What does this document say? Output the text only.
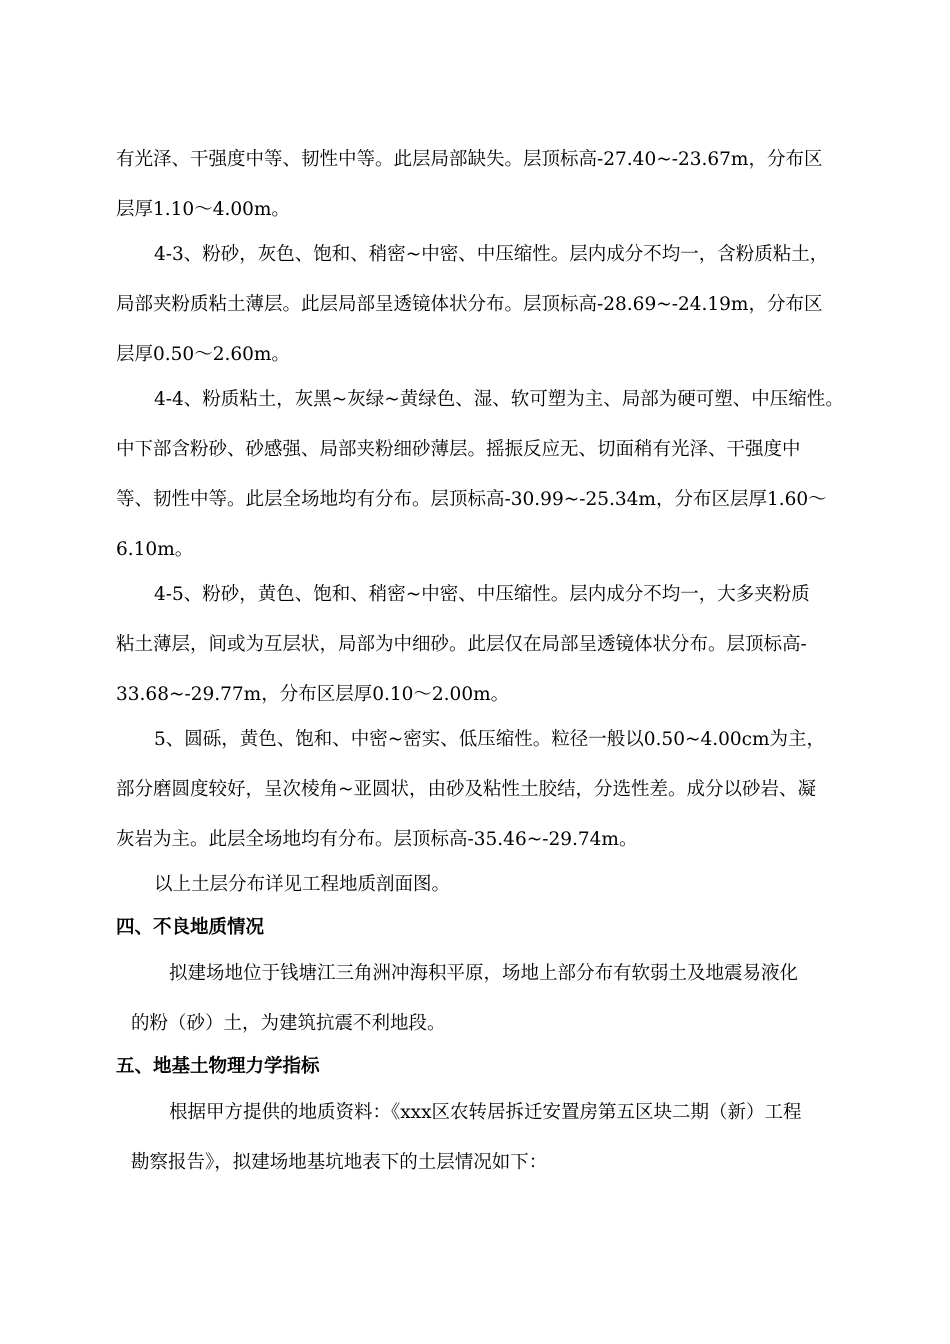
有光泽、干强度中等、韧性中等。此层局部缺失。层顶标高-27.40~-23.67m，分布区
层厚1.10～4.00m。
4-3、粉砂，灰色、饱和、稍密~中密、中压缩性。层内成分不均一，含粉质粘土，
局部夹粉质粘土薄层。此层局部呈透镜体状分布。层顶标高-28.69~-24.19m，分布区
层厚0.50～2.60m。
4-4、粉质粘土，灰黑~灰绿~黄绿色、湿、软可塑为主、局部为硬可塑、中压缩性。
中下部含粉砂、砂感强、局部夹粉细砂薄层。摇振反应无、切面稍有光泽、干强度中
等、韧性中等。此层全场地均有分布。层顶标高-30.99~-25.34m，分布区层厚1.60～
6.10m。
4-5、粉砂，黄色、饱和、稍密~中密、中压缩性。层内成分不均一，大多夹粉质
粘土薄层，间或为互层状，局部为中细砂。此层仅在局部呈透镜体状分布。层顶标高-
33.68~-29.77m，分布区层厚0.10～2.00m。
5、圆砾，黄色、饱和、中密~密实、低压缩性。粒径一般以0.50~4.00cm为主，
部分磨圆度较好，呈次棱角~亚圆状，由砂及粘性土胶结，分选性差。成分以砂岩、凝
灰岩为主。此层全场地均有分布。层顶标高-35.46~-29.74m。
以上土层分布详见工程地质剖面图。
四、不良地质情况
拟建场地位于钱塘江三角洲冲海积平原，场地上部分布有软弱土及地震易液化
的粉（砂）土，为建筑抗震不利地段。
五、地基土物理力学指标
根据甲方提供的地质资料：《xxx区农转居拆迁安置房第五区块二期（新）工程
勘察报告》，拟建场地基坑地表下的土层情况如下：
